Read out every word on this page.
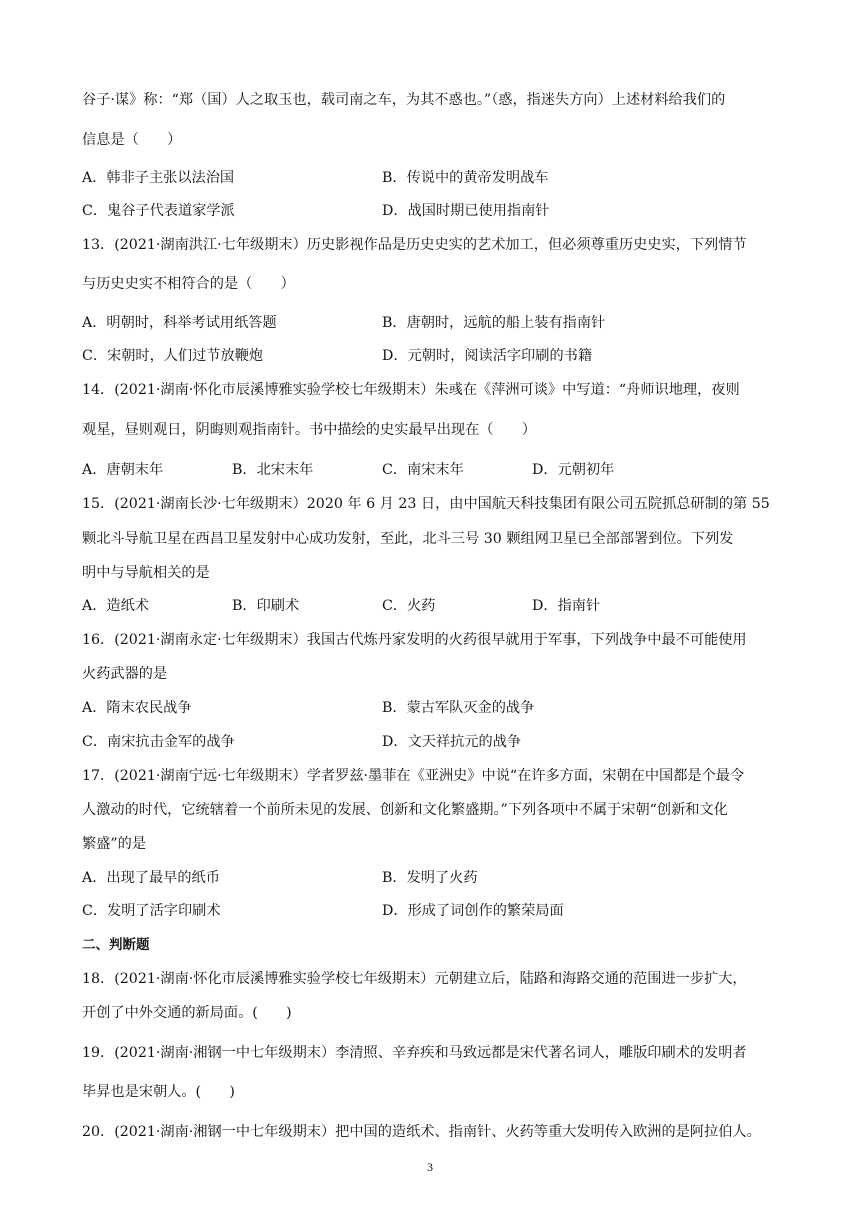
谷子·谋》称：“郑（国）人之取玉也，载司南之车，为其不惑也。”（惑，指迷失方向）上述材料给我们的
信息是（　　）
A．韩非子主张以法治国	B．传说中的黄帝发明战车
C．鬼谷子代表道家学派	D．战国时期已使用指南针
13．(2021·湖南洪江·七年级期末）历史影视作品是历史史实的艺术加工，但必须尊重历史史实，下列情节
与历史史实不相符合的是（　　）
A．明朝时，科举考试用纸答题	B．唐朝时，远航的船上装有指南针
C．宋朝时，人们过节放鞭炮	D．元朝时，阅读活字印刷的书籍
14．(2021·湖南·怀化市辰溪博雅实验学校七年级期末）朱彧在《萍洲可谈》中写道：“舟师识地理，夜则
观星，昼则观日，阴晦则观指南针。书中描绘的史实最早出现在（　　）
A．唐朝末年	B．北宋末年	C．南宋末年	D．元朝初年
15．(2021·湖南长沙·七年级期末）2020 年 6 月 23 日，由中国航天科技集团有限公司五院抓总研制的第 55
颗北斗导航卫星在西昌卫星发射中心成功发射，至此，北斗三号 30 颗组网卫星已全部部署到位。下列发
明中与导航相关的是
A．造纸术	B．印刷术	C．火药	D．指南针
16．(2021·湖南永定·七年级期末）我国古代炼丹家发明的火药很早就用于军事，下列战争中最不可能使用
火药武器的是
A．隋末农民战争	B．蒙古军队灭金的战争
C．南宋抗击金军的战争	D．文天祥抗元的战争
17．(2021·湖南宁远·七年级期末）学者罗兹·墨菲在《亚洲史》中说“在许多方面，宋朝在中国都是个最令
人激动的时代，它统辖着一个前所未见的发展、创新和文化繁盛期。”下列各项中不属于宋朝“创新和文化
繁盛”的是
A．出现了最早的纸币	B．发明了火药
C．发明了活字印刷术	D．形成了词创作的繁荣局面
二、判断题
18．(2021·湖南·怀化市辰溪博雅实验学校七年级期末）元朝建立后，陆路和海路交通的范围进一步扩大，
开创了中外交通的新局面。(　　)
19．(2021·湖南·湘钢一中七年级期末）李清照、辛弃疾和马致远都是宋代著名词人，雕版印刷术的发明者
毕昇也是宋朝人。(　　)
20．(2021·湖南·湘钢一中七年级期末）把中国的造纸术、指南针、火药等重大发明传入欧洲的是阿拉伯人。
3
